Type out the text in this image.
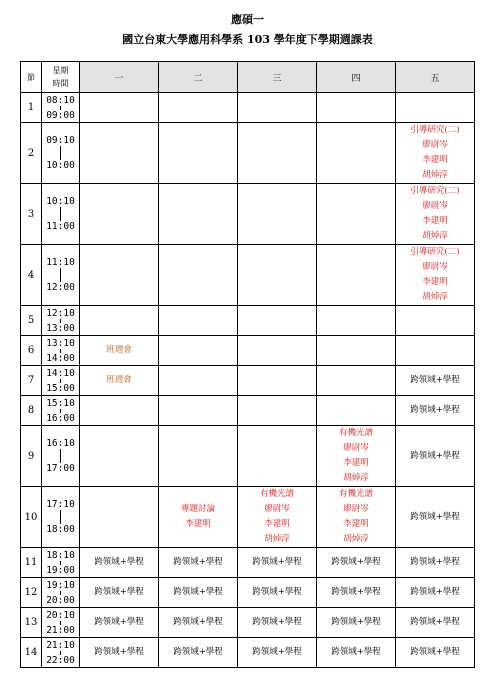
應碩一
國立台東大學應用科學系 103 學年度下學期週課表
節	星期
時間	一	二	三	四	五
1	08:10
09:00					

2	09:10
10:00					引導研究(二)
廖尉岑
李建明
胡焯淳

3	10:10
11:00					引導研究(二)
廖尉岑
李建明
胡焯淳

4	11:10
12:00					引導研究(二)
廖尉岑
李建明
胡焯淳

5	12:10
13:00					

6	13:10
14:00	班週會				

7	14:10
15:00	班週會				跨領域+學程

8	15:10
16:00					跨領域+學程

9	16:10
17:00				有機光譜
廖尉岑
李建明
胡焯淳	跨領域+學程

10	17:10
18:00		專題討論
李建明	有機光譜
廖尉岑
李建明
胡焯淳	有機光譜
廖尉岑
李建明
胡焯淳	跨領域+學程

11	18:10
19:00	跨領域+學程	跨領域+學程	跨領域+學程	跨領域+學程	跨領域+學程

12	19:10
20:00	跨領域+學程	跨領域+學程	跨領域+學程	跨領域+學程	跨領域+學程

13	20:10
21:00	跨領域+學程	跨領域+學程	跨領域+學程	跨領域+學程	跨領域+學程

14	21:10
22:00	跨領域+學程	跨領域+學程	跨領域+學程	跨領域+學程	跨領域+學程
